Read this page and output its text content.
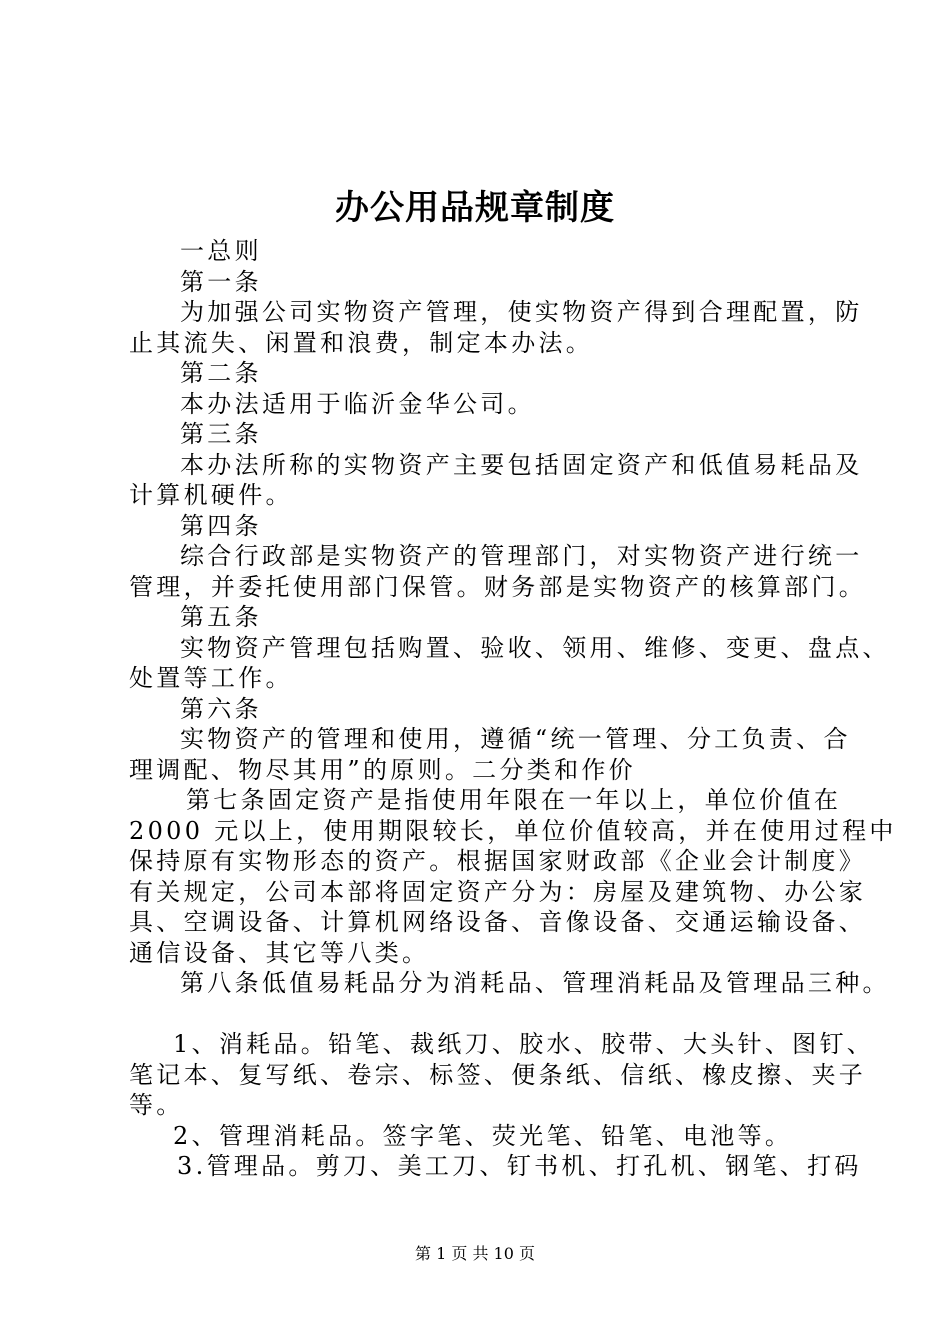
办公用品规章制度
一总则
第一条
为加强公司实物资产管理，使实物资产得到合理配置，防
止其流失、闲置和浪费，制定本办法。
第二条
本办法适用于临沂金华公司。
第三条
本办法所称的实物资产主要包括固定资产和低值易耗品及
计算机硬件。
第四条
综合行政部是实物资产的管理部门，对实物资产进行统一
管理，并委托使用部门保管。财务部是实物资产的核算部门。
第五条
实物资产管理包括购置、验收、领用、维修、变更、盘点、
处置等工作。
第六条
实物资产的管理和使用，遵循“统一管理、分工负责、合
理调配、物尽其用”的原则。二分类和作价
第七条固定资产是指使用年限在一年以上，单位价值在
2000 元以上，使用期限较长，单位价值较高，并在使用过程中
保持原有实物形态的资产。根据国家财政部《企业会计制度》
有关规定，公司本部将固定资产分为：房屋及建筑物、办公家
具、空调设备、计算机网络设备、音像设备、交通运输设备、
通信设备、其它等八类。
第八条低值易耗品分为消耗品、管理消耗品及管理品三种。
1、消耗品。铅笔、裁纸刀、胶水、胶带、大头针、图钉、
笔记本、复写纸、卷宗、标签、便条纸、信纸、橡皮擦、夹子
等。
2、管理消耗品。签字笔、荧光笔、铅笔、电池等。
3.管理品。剪刀、美工刀、钉书机、打孔机、钢笔、打码
第 1 页 共 10 页
